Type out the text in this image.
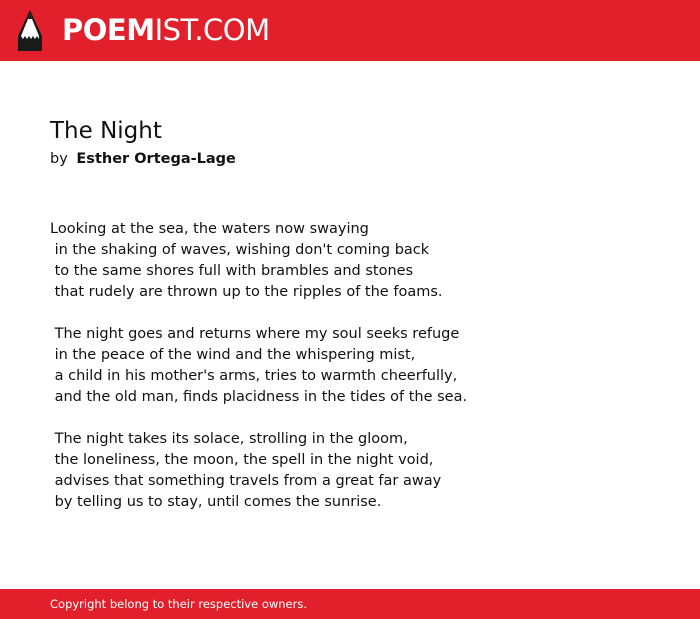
POEMIST.COM
The Night
by Esther Ortega-Lage
Looking at the sea, the waters now swaying
in the shaking of waves, wishing don't coming back
to the same shores full with brambles and stones
that rudely are thrown up to the ripples of the foams.

The night goes and returns where my soul seeks refuge
in the peace of the wind and the whispering mist,
a child in his mother's arms, tries to warmth cheerfully,
and the old man, finds placidness in the tides of the sea.

The night takes its solace, strolling in the gloom,
the loneliness, the moon, the spell in the night void,
advises that something travels from a great far away
by telling us to stay, until comes the sunrise.
Copyright belong to their respective owners.
